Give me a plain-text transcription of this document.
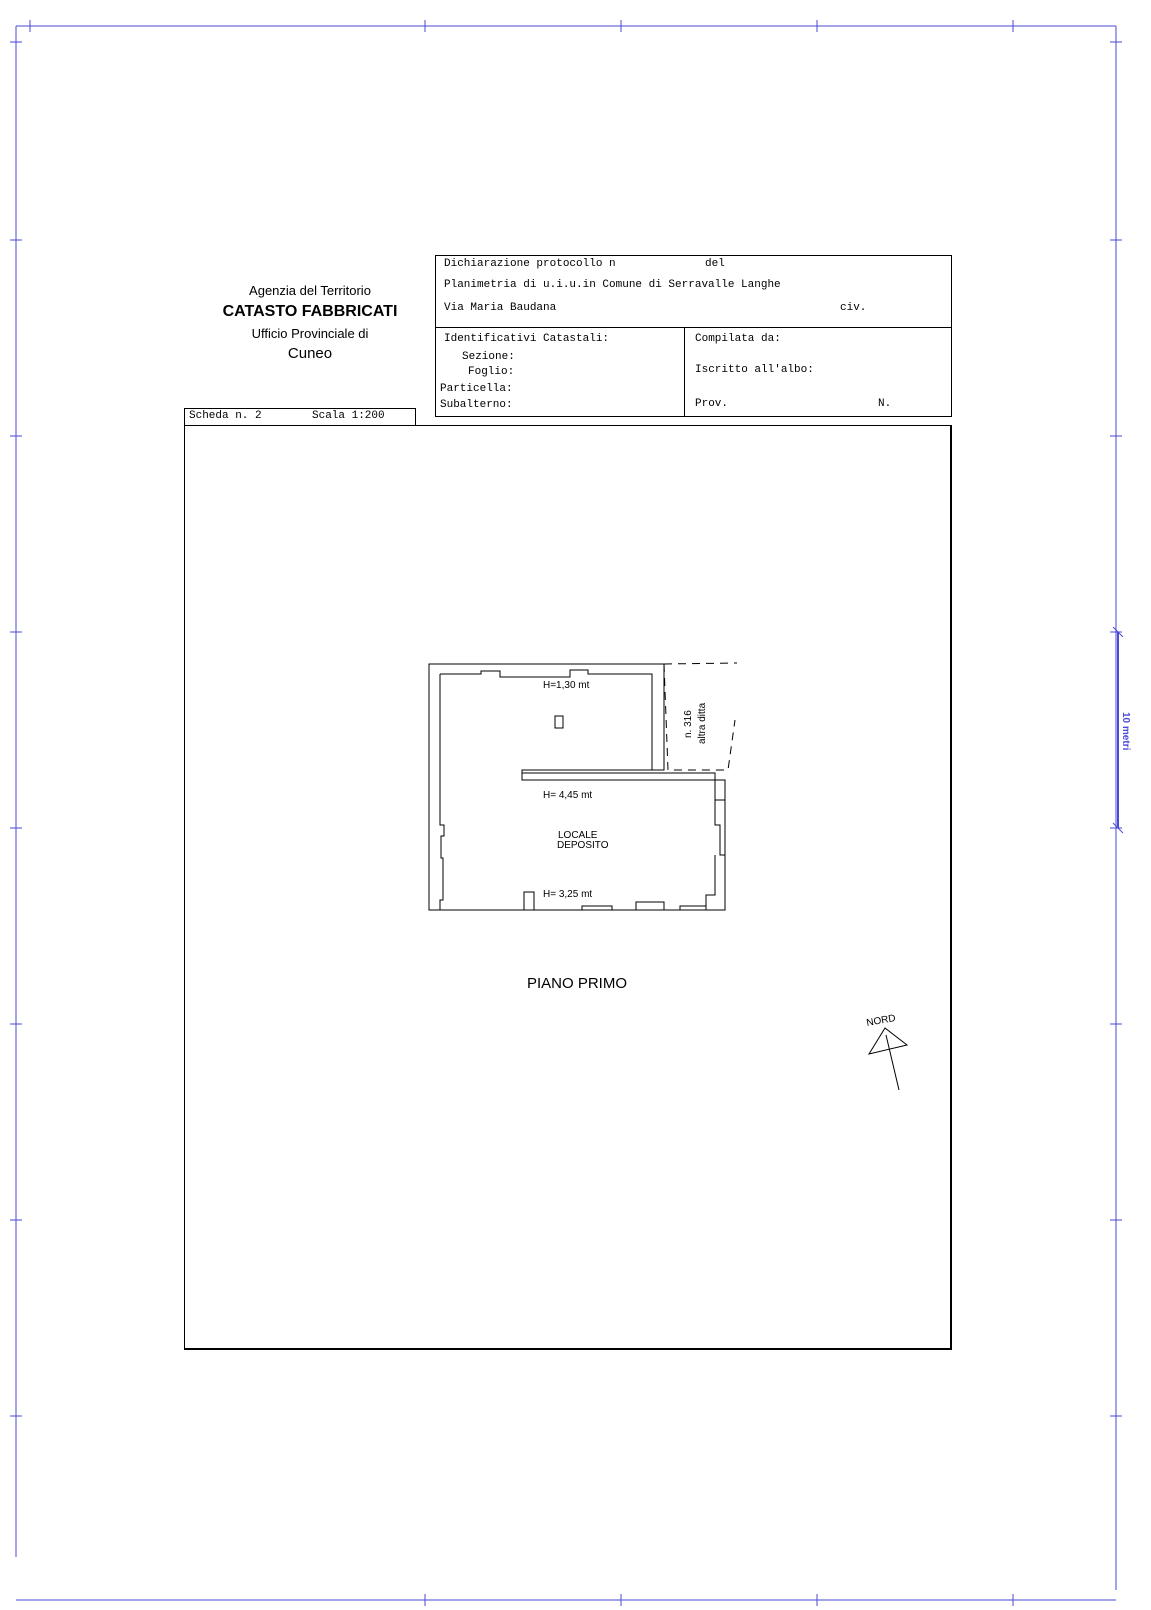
10 metri
Agenzia del Territorio
CATASTO FABBRICATI
Ufficio Provinciale di
Cuneo
Dichiarazione protocollo n	del
Planimetria di u.i.u.in Comune di Serravalle Langhe
Via Maria Baudana	civ.
Identificativi Catastali:
Sezione:
Foglio:
Particella:
Subalterno:
Compilata da:
Iscritto all'albo:
Prov.	N.
Scheda n. 2	Scala 1:200
H=1,30 mt
H= 4,45 mt
LOCALE
DEPOSITO
H= 3,25 mt
n. 316 altra ditta
PIANO PRIMO
NORD
